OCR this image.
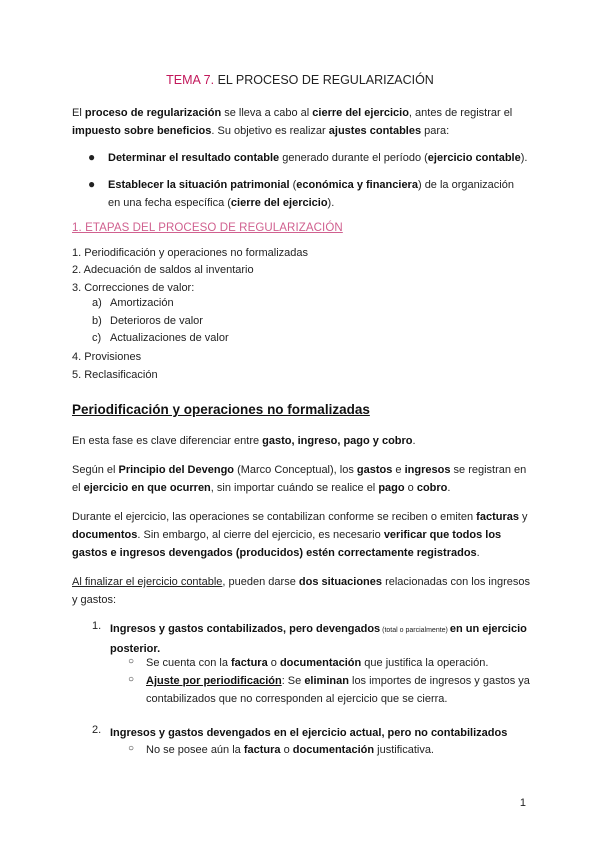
TEMA 7. EL PROCESO DE REGULARIZACIÓN
El proceso de regularización se lleva a cabo al cierre del ejercicio, antes de registrar el impuesto sobre beneficios. Su objetivo es realizar ajustes contables para:
● Determinar el resultado contable generado durante el período (ejercicio contable).
● Establecer la situación patrimonial (económica y financiera) de la organización en una fecha específica (cierre del ejercicio).
1. ETAPAS DEL PROCESO DE REGULARIZACIÓN
1. Periodificación y operaciones no formalizadas
2. Adecuación de saldos al inventario
3. Correcciones de valor:
a) Amortización
b) Deterioros de valor
c) Actualizaciones de valor
4. Provisiones
5. Reclasificación
Periodificación y operaciones no formalizadas
En esta fase es clave diferenciar entre gasto, ingreso, pago y cobro.
Según el Principio del Devengo (Marco Conceptual), los gastos e ingresos se registran en el ejercicio en que ocurren, sin importar cuándo se realice el pago o cobro.
Durante el ejercicio, las operaciones se contabilizan conforme se reciben o emiten facturas y documentos. Sin embargo, al cierre del ejercicio, es necesario verificar que todos los gastos e ingresos devengados (producidos) estén correctamente registrados.
Al finalizar el ejercicio contable, pueden darse dos situaciones relacionadas con los ingresos y gastos:
1. Ingresos y gastos contabilizados, pero devengados (total o parcialmente) en un ejercicio posterior.
○ Se cuenta con la factura o documentación que justifica la operación.
○ Ajuste por periodificación: Se eliminan los importes de ingresos y gastos ya contabilizados que no corresponden al ejercicio que se cierra.
2. Ingresos y gastos devengados en el ejercicio actual, pero no contabilizados
○ No se posee aún la factura o documentación justificativa.
1
